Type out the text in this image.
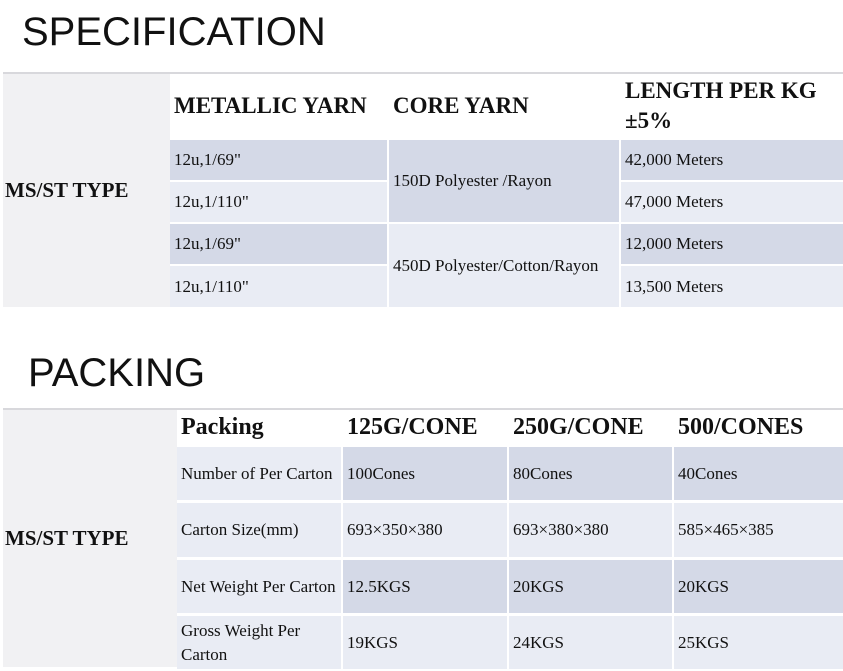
SPECIFICATION
MS/ST TYPE
METALLIC YARN	CORE YARN	LENGTH PER KG ±5%
12u,1/69"	150D Polyester /Rayon	42,000 Meters
12u,1/110"		47,000 Meters
12u,1/69"	450D Polyester/Cotton/Rayon	12,000 Meters
12u,1/110"		13,500 Meters
PACKING
MS/ST TYPE
Packing	125G/CONE	250G/CONE	500/CONES
Number of Per Carton	100Cones	80Cones	40Cones
Carton Size(mm)	693×350×380	693×380×380	585×465×385
Net Weight Per Carton	12.5KGS	20KGS	20KGS
Gross Weight Per Carton	19KGS	24KGS	25KGS
